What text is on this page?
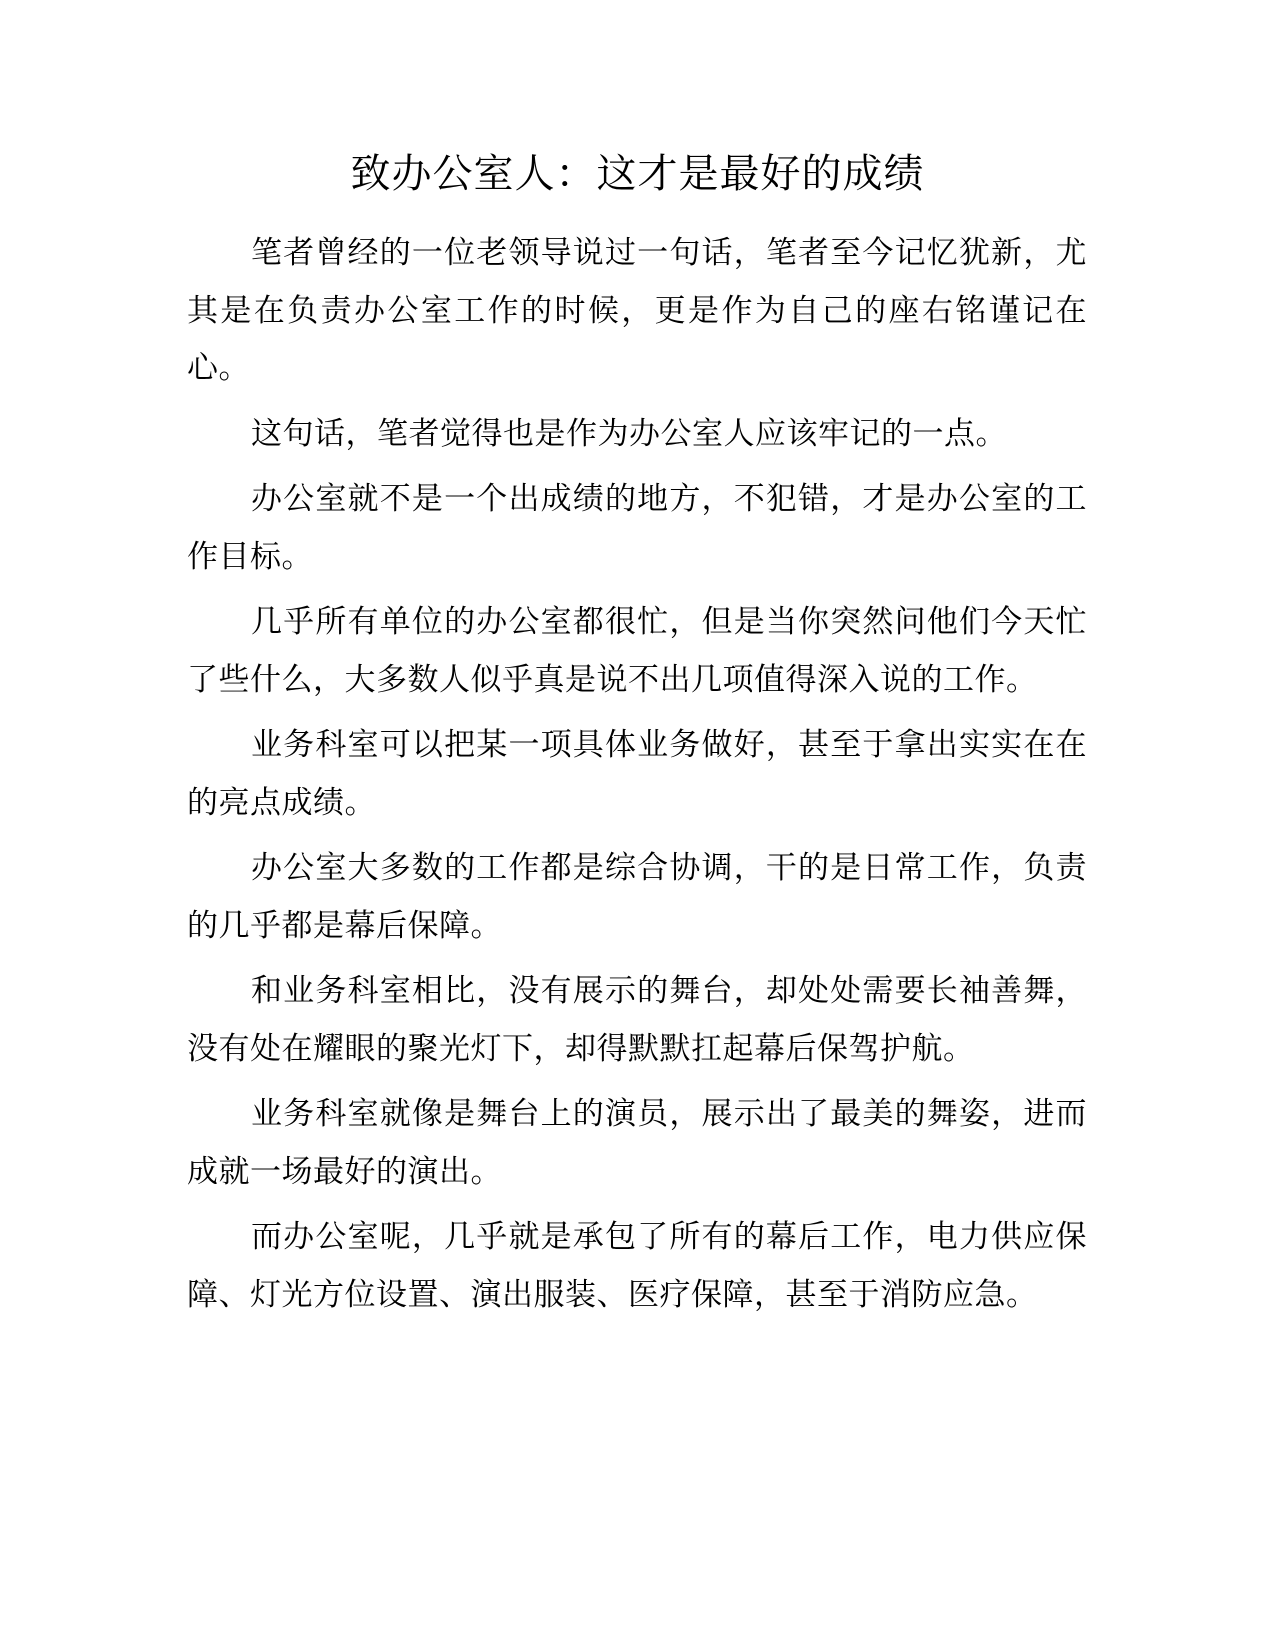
致办公室人：这才是最好的成绩

笔者曾经的一位老领导说过一句话，笔者至今记忆犹新，尤其是在负责办公室工作的时候，更是作为自己的座右铭谨记在心。

这句话，笔者觉得也是作为办公室人应该牢记的一点。

办公室就不是一个出成绩的地方，不犯错，才是办公室的工作目标。

几乎所有单位的办公室都很忙，但是当你突然问他们今天忙了些什么，大多数人似乎真是说不出几项值得深入说的工作。

业务科室可以把某一项具体业务做好，甚至于拿出实实在在的亮点成绩。

办公室大多数的工作都是综合协调，干的是日常工作，负责的几乎都是幕后保障。

和业务科室相比，没有展示的舞台，却处处需要长袖善舞，没有处在耀眼的聚光灯下，却得默默扛起幕后保驾护航。

业务科室就像是舞台上的演员，展示出了最美的舞姿，进而成就一场最好的演出。

而办公室呢，几乎就是承包了所有的幕后工作，电力供应保障、灯光方位设置、演出服装、医疗保障，甚至于消防应急。
